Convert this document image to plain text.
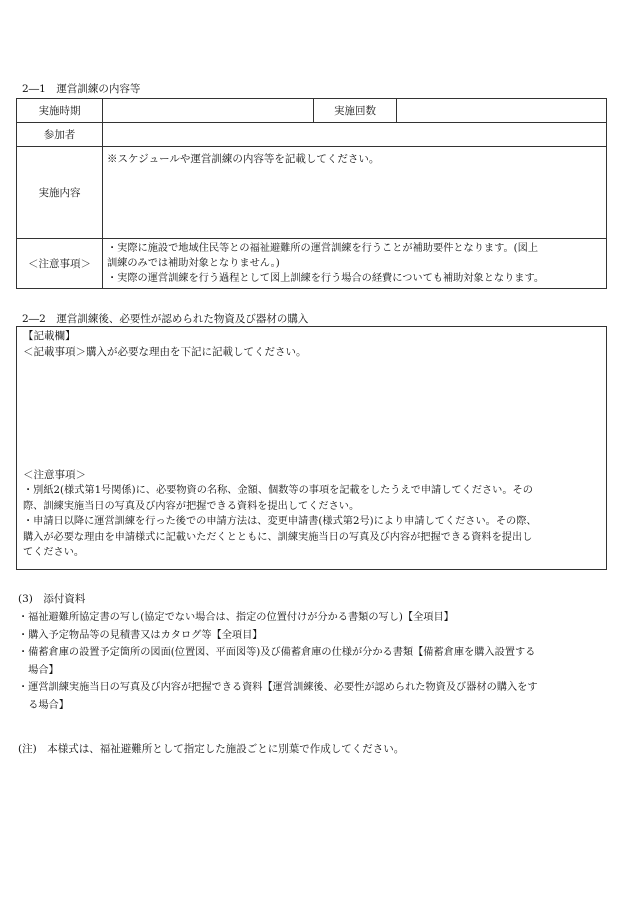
2―1　運営訓練の内容等
実施時期		実施回数	
参加者			
実施内容	※スケジュールや運営訓練の内容等を記載してください。		

＜注意事項＞	・実際に施設で地域住民等との福祉避難所の運営訓練を行うことが補助要件となります。(図上
訓練のみでは補助対象となりません。)
・実際の運営訓練を行う過程として図上訓練を行う場合の経費についても補助対象となります。		
2―2　運営訓練後、必要性が認められた物資及び器材の購入
【記載欄】
＜記載事項＞購入が必要な理由を下記に記載してください。
＜注意事項＞
・別紙2(様式第1号関係)に、必要物資の名称、金額、個数等の事項を記載をしたうえで申請してください。その
際、訓練実施当日の写真及び内容が把握できる資料を提出してください。
・申請日以降に運営訓練を行った後での申請方法は、変更申請書(様式第2号)により申請してください。その際、
購入が必要な理由を申請様式に記載いただくとともに、訓練実施当日の写真及び内容が把握できる資料を提出し
てください。
(3)　添付資料
・福祉避難所協定書の写し(協定でない場合は、指定の位置付けが分かる書類の写し)【全項目】
・購入予定物品等の見積書又はカタログ等【全項目】
・備蓄倉庫の設置予定箇所の図面(位置図、平面図等)及び備蓄倉庫の仕様が分かる書類【備蓄倉庫を購入設置する
　場合】
・運営訓練実施当日の写真及び内容が把握できる資料【運営訓練後、必要性が認められた物資及び器材の購入をす
　る場合】
(注)　本様式は、福祉避難所として指定した施設ごとに別葉で作成してください。
